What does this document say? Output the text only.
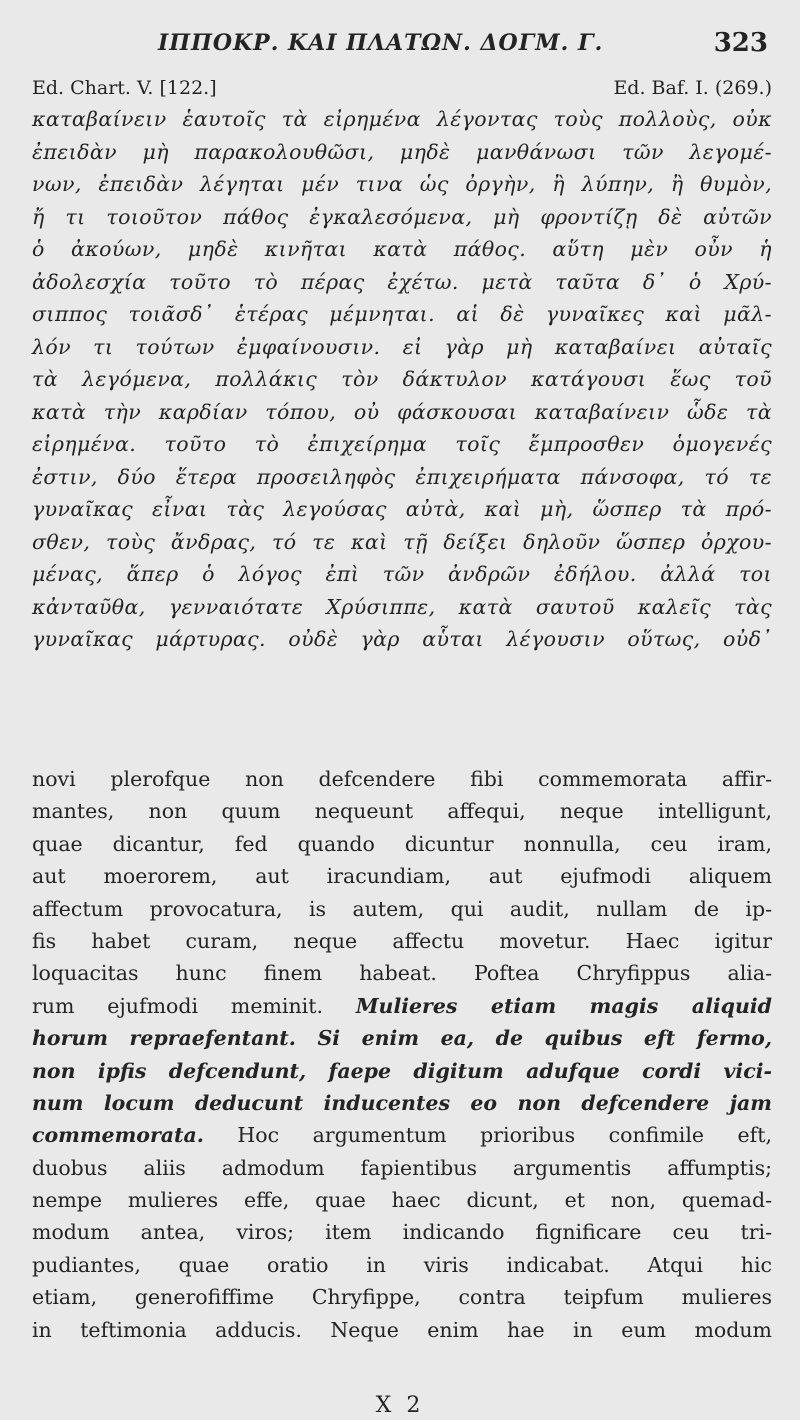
ΙΠΠΟΚΡ. ΚΑΙ ΠΛΑΤΩΝ. ΔΟΓΜ. Γ.	323
Ed. Chart. V. [122.]	Ed. Baf. I. (269.)
καταβαίνειν ἑαυτοῖς τὰ εἰρημένα λέγοντας τοὺς πολλοὺς, οὐκ
ἐπειδὰν μὴ παρακολουθῶσι, μηδὲ μανθάνωσι τῶν λεγομέ-
νων, ἐπειδὰν λέγηται μέν τινα ὡς ὀργὴν, ἢ λύπην, ἢ θυμὸν,
ἤ τι τοιοῦτον πάθος ἐγκαλεσόμενα, μὴ φροντίζῃ δὲ αὐτῶν
ὁ ἀκούων, μηδὲ κινῆται κατὰ πάθος. αὕτη μὲν οὖν ἡ
ἀδολεσχία τοῦτο τὸ πέρας ἐχέτω. μετὰ ταῦτα δ᾽ ὁ Χρύ-
σιππος τοιᾶσδ᾽ ἑτέρας μέμνηται. αἱ δὲ γυναῖκες καὶ μᾶλ-
λόν τι τούτων ἐμφαίνουσιν. εἰ γὰρ μὴ καταβαίνει αὐταῖς
τὰ λεγόμενα, πολλάκις τὸν δάκτυλον κατάγουσι ἕως τοῦ
κατὰ τὴν καρδίαν τόπου, οὐ φάσκουσαι καταβαίνειν ὧδε τὰ
εἰρημένα. τοῦτο τὸ ἐπιχείρημα τοῖς ἔμπροσθεν ὁμογενές
ἐστιν, δύο ἕτερα προσειληφὸς ἐπιχειρήματα πάνσοφα, τό τε
γυναῖκας εἶναι τὰς λεγούσας αὐτὰ, καὶ μὴ, ὥσπερ τὰ πρό-
σθεν, τοὺς ἄνδρας, τό τε καὶ τῇ δείξει δηλοῦν ὥσπερ ὀρχου-
μένας, ἅπερ ὁ λόγος ἐπὶ τῶν ἀνδρῶν ἐδήλου. ἀλλά τοι
κἀνταῦθα, γενναιότατε Χρύσιππε, κατὰ σαυτοῦ καλεῖς τὰς
γυναῖκας μάρτυρας. οὐδὲ γὰρ αὗται λέγουσιν οὕτως, οὐδ᾽
novi plerofque non defcendere fibi commemorata affir-
mantes, non quum nequeunt affequi, neque intelligunt,
quae dicantur, fed quando dicuntur nonnulla, ceu iram,
aut moerorem, aut iracundiam, aut ejufmodi aliquem
affectum provocatura, is autem, qui audit, nullam de ip-
fis habet curam, neque affectu movetur. Haec igitur
loquacitas hunc finem habeat. Poftea Chryfippus alia-
rum ejufmodi meminit. Mulieres etiam magis aliquid
horum repraefentant. Si enim ea, de quibus eft fermo,
non ipfis defcendunt, faepe digitum adufque cordi vici-
num locum deducunt inducentes eo non defcendere jam
commemorata. Hoc argumentum prioribus confimile eft,
duobus aliis admodum fapientibus argumentis affumptis;
nempe mulieres effe, quae haec dicunt, et non, quemad-
modum antea, viros; item indicando fignificare ceu tri-
pudiantes, quae oratio in viris indicabat. Atqui hic
etiam, generofiffime Chryfippe, contra teipfum mulieres
in teftimonia adducis. Neque enim hae in eum modum
X 2
